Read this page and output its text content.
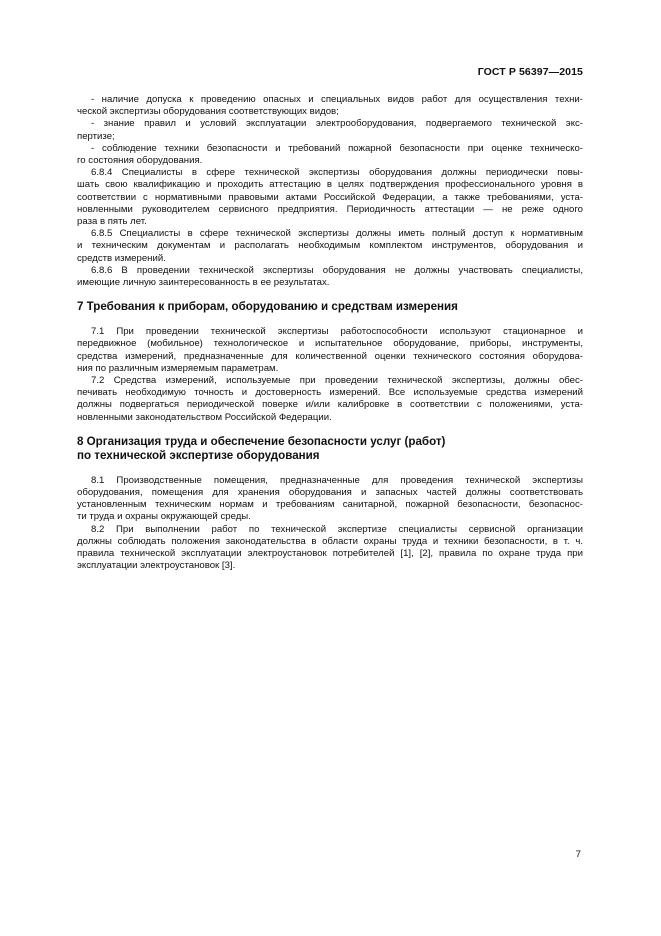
ГОСТ Р 56397—2015

- наличие допуска к проведению опасных и специальных видов работ для осуществления техни-
ческой экспертизы оборудования соответствующих видов;

- знание правил и условий эксплуатации электрооборудования, подвергаемого технической экс-
пертизе;

- соблюдение техники безопасности и требований пожарной безопасности при оценке техническо-
го состояния оборудования.

6.8.4 Специалисты в сфере технической экспертизы оборудования должны периодически повы-
шать свою квалификацию и проходить аттестацию в целях подтверждения профессионального уровня в
соответствии с нормативными правовыми актами Российской Федерации, а также требованиями, уста-
новленными руководителем сервисного предприятия. Периодичность аттестации — не реже одного
раза в пять лет.

6.8.5 Специалисты в сфере технической экспертизы должны иметь полный доступ к нормативным
и техническим документам и располагать необходимым комплектом инструментов, оборудования и
средств измерений.

6.8.6 В проведении технической экспертизы оборудования не должны участвовать специалисты,
имеющие личную заинтересованность в ее результатах.

7 Требования к приборам, оборудованию и средствам измерения

7.1 При проведении технической экспертизы работоспособности используют стационарное и
передвижное (мобильное) технологическое и испытательное оборудование, приборы, инструменты,
средства измерений, предназначенные для количественной оценки технического состояния оборудова-
ния по различным измеряемым параметрам.

7.2 Средства измерений, используемые при проведении технической экспертизы, должны обес-
печивать необходимую точность и достоверность измерений. Все используемые средства измерений
должны подвергаться периодической поверке и/или калибровке в соответствии с положениями, уста-
новленными законодательством Российской Федерации.

8 Организация труда и обеспечение безопасности услуг (работ)
по технической экспертизе оборудования

8.1 Производственные помещения, предназначенные для проведения технической экспертизы
оборудования, помещения для хранения оборудования и запасных частей должны соответствовать
установленным техническим нормам и требованиям санитарной, пожарной безопасности, безопаснос-
ти труда и охраны окружающей среды.

8.2 При выполнении работ по технической экспертизе специалисты сервисной организации
должны соблюдать положения законодательства в области охраны труда и техники безопасности, в т. ч.
правила технической эксплуатации электроустановок потребителей [1], [2], правила по охране труда при
эксплуатации электроустановок [3].

7
